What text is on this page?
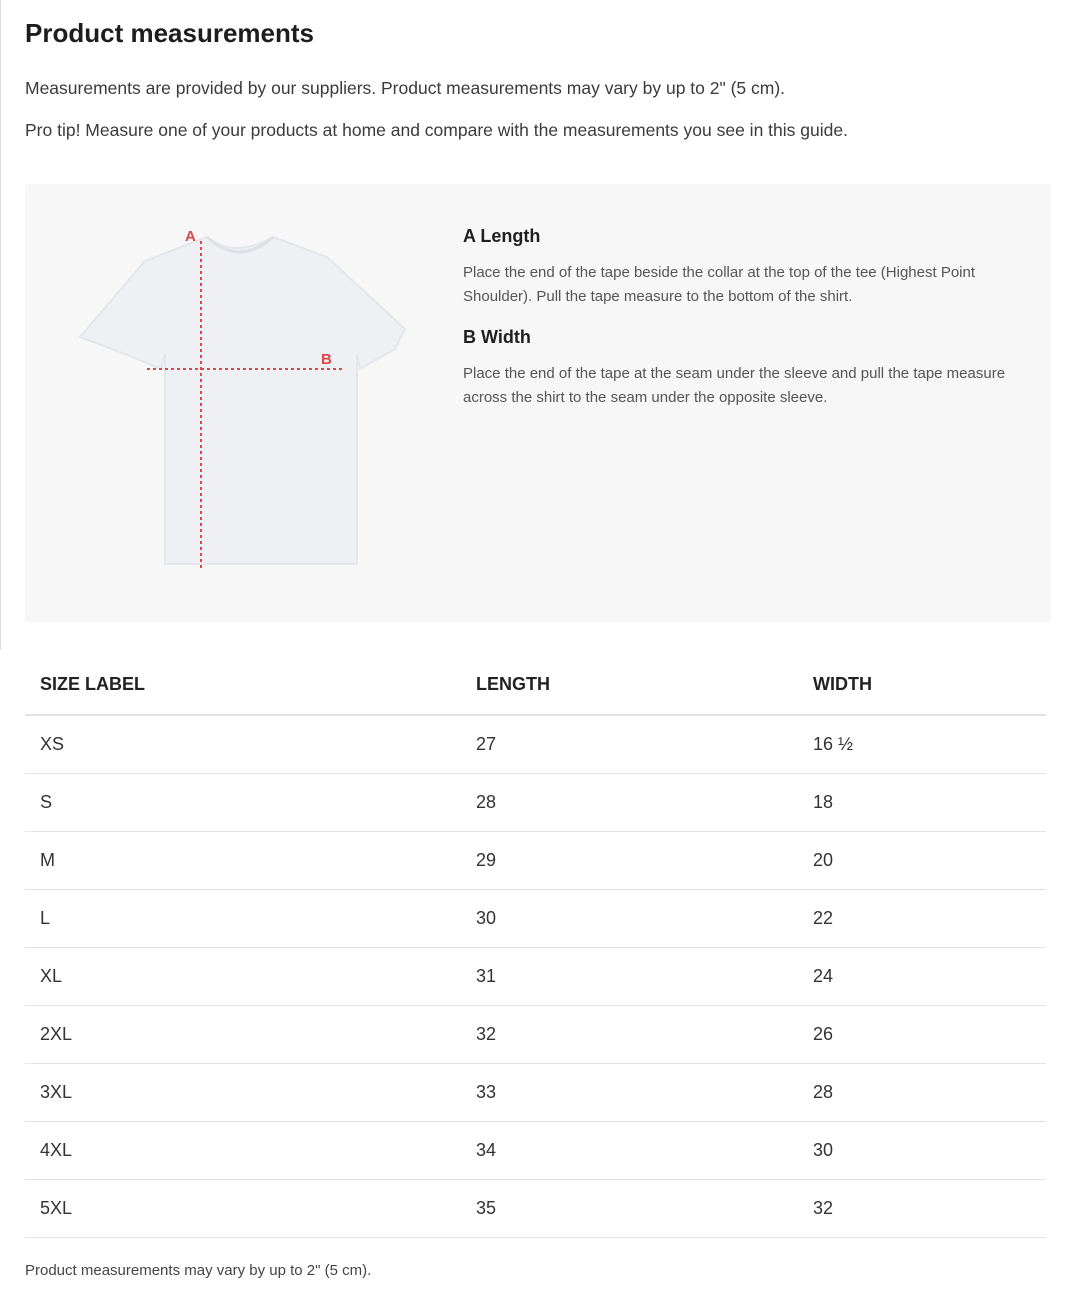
Product measurements

Measurements are provided by our suppliers. Product measurements may vary by up to 2" (5 cm).

Pro tip! Measure one of your products at home and compare with the measurements you see in this guide.

A
B
A Length

Place the end of the tape beside the collar at the top of the tee (Highest Point Shoulder). Pull the tape measure to the bottom of the shirt.

B Width

Place the end of the tape at the seam under the sleeve and pull the tape measure across the shirt to the seam under the opposite sleeve.

SIZE LABEL	LENGTH	WIDTH
XS	27	16 ½
S	28	18
M	29	20
L	30	22
XL	31	24
2XL	32	26
3XL	33	28
4XL	34	30
5XL	35	32

Product measurements may vary by up to 2" (5 cm).
